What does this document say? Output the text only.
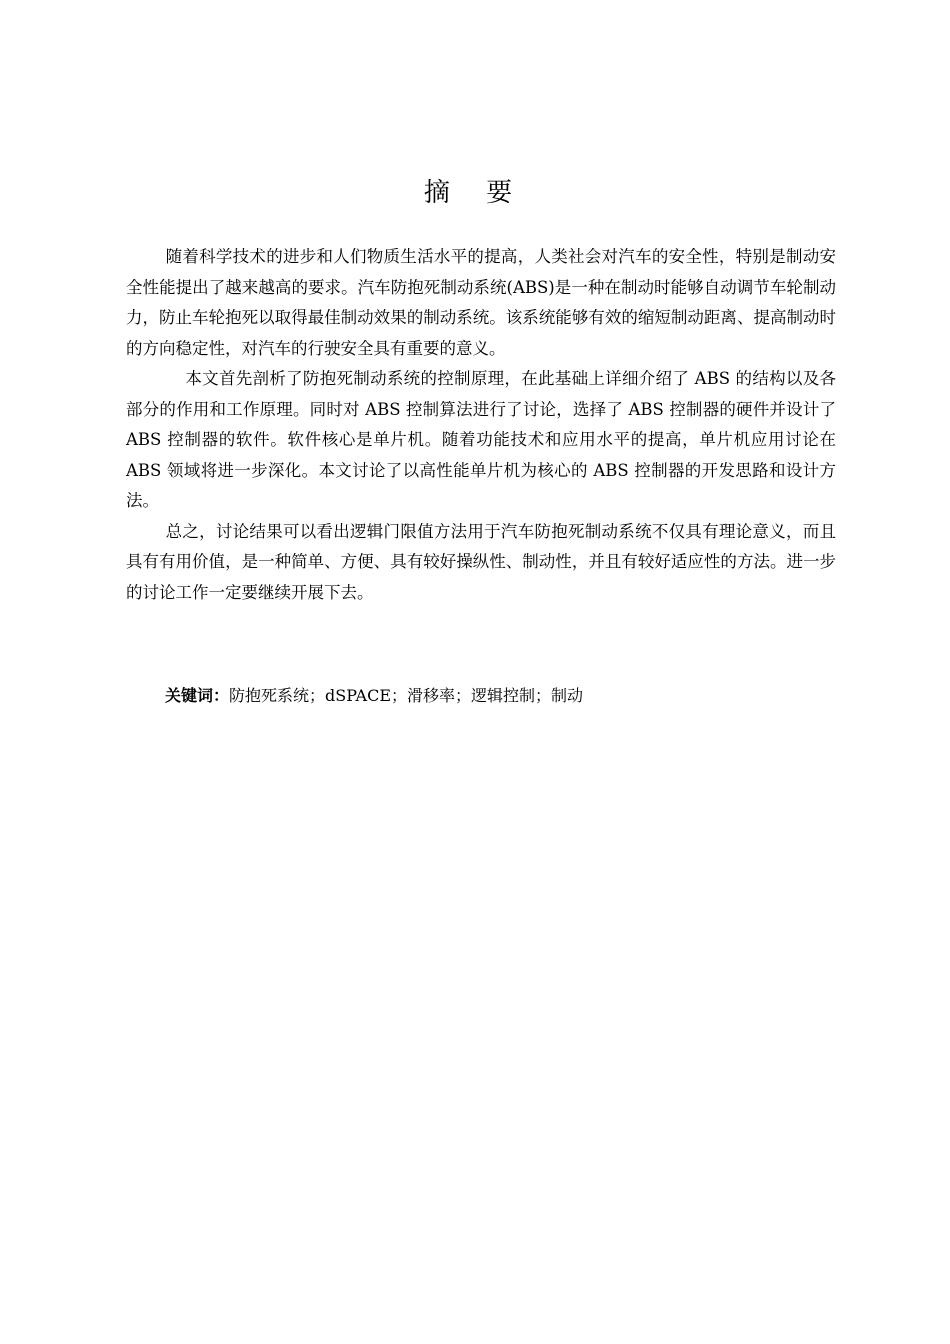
摘 要

随着科学技术的进步和人们物质生活水平的提高，人类社会对汽车的安全性，特别是制动安全性能提出了越来越高的要求。汽车防抱死制动系统(ABS)是一种在制动时能够自动调节车轮制动力，防止车轮抱死以取得最佳制动效果的制动系统。该系统能够有效的缩短制动距离、提高制动时的方向稳定性，对汽车的行驶安全具有重要的意义。

本文首先剖析了防抱死制动系统的控制原理，在此基础上详细介绍了 ABS 的结构以及各部分的作用和工作原理。同时对 ABS 控制算法进行了讨论，选择了 ABS 控制器的硬件并设计了 ABS 控制器的软件。软件核心是单片机。随着功能技术和应用水平的提高，单片机应用讨论在 ABS 领域将进一步深化。本文讨论了以高性能单片机为核心的 ABS 控制器的开发思路和设计方法。

总之，讨论结果可以看出逻辑门限值方法用于汽车防抱死制动系统不仅具有理论意义，而且具有有用价值，是一种简单、方便、具有较好操纵性、制动性，并且有较好适应性的方法。进一步的讨论工作一定要继续开展下去。

关键词：防抱死系统；dSPACE；滑移率；逻辑控制；制动
